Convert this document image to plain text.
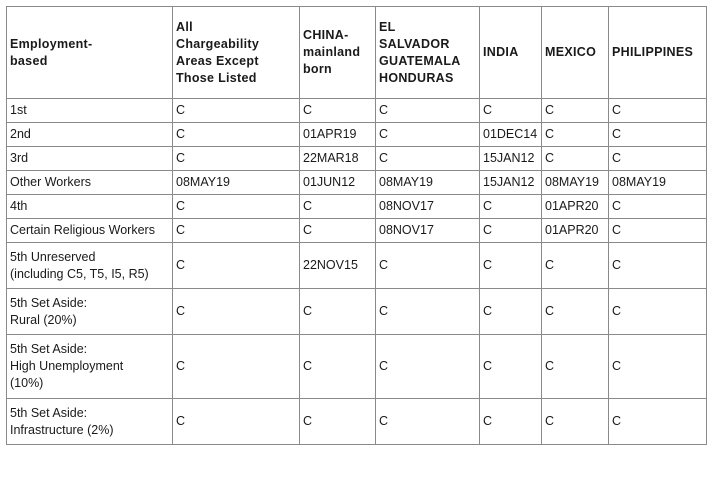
Employment-
based	All
Chargeability
Areas Except
Those Listed	CHINA-
mainland
born	EL
SALVADOR
GUATEMALA
HONDURAS	INDIA	MEXICO	PHILIPPINES
1st	C	C	C	C	C	C
2nd	C	01APR19	C	01DEC14	C	C
3rd	C	22MAR18	C	15JAN12	C	C
Other Workers	08MAY19	01JUN12	08MAY19	15JAN12	08MAY19	08MAY19
4th	C	C	08NOV17	C	01APR20	C
Certain Religious Workers	C	C	08NOV17	C	01APR20	C
5th Unreserved
(including C5, T5, I5, R5)	C	22NOV15	C	C	C	C
5th Set Aside:
Rural (20%)	C	C	C	C	C	C
5th Set Aside:
High Unemployment
(10%)	C	C	C	C	C	C
5th Set Aside:
Infrastructure (2%)	C	C	C	C	C	C
